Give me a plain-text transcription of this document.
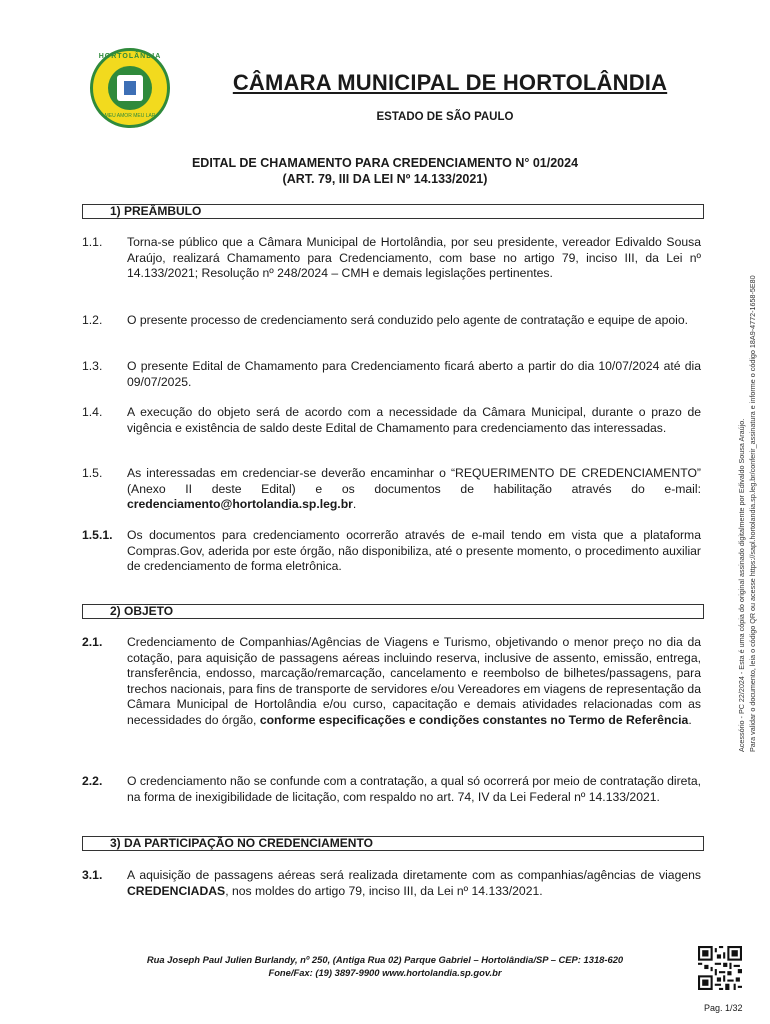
HORTOLÂNDIA
MEU AMOR MEU LAR
CÂMARA MUNICIPAL DE HORTOLÂNDIA
ESTADO DE SÃO PAULO
EDITAL DE CHAMAMENTO PARA CREDENCIAMENTO N° 01/2024
(ART. 79, III DA LEI Nº 14.133/2021)
1) PREÂMBULO
1.1.	Torna-se público que a Câmara Municipal de Hortolândia, por seu presidente, vereador Edivaldo Sousa Araújo, realizará Chamamento para Credenciamento, com base no artigo 79, inciso III, da Lei nº 14.133/2021; Resolução nº 248/2024 – CMH e demais legislações pertinentes.
1.2.	O presente processo de credenciamento será conduzido pelo agente de contratação e equipe de apoio.
1.3.	O presente Edital de Chamamento para Credenciamento ficará aberto a partir do dia 10/07/2024 até dia 09/07/2025.
1.4.	A execução do objeto será de acordo com a necessidade da Câmara Municipal, durante o prazo de vigência e existência de saldo deste Edital de Chamamento para credenciamento das interessadas.
1.5.	As interessadas em credenciar-se deverão encaminhar o “REQUERIMENTO DE CREDENCIAMENTO” (Anexo II deste Edital) e os documentos de habilitação através do e-mail: credenciamento@hortolandia.sp.leg.br.
1.5.1.	Os documentos para credenciamento ocorrerão através de e-mail tendo em vista que a plataforma Compras.Gov, aderida por este órgão, não disponibiliza, até o presente momento, o procedimento auxiliar de credenciamento de forma eletrônica.
2) OBJETO
2.1.	Credenciamento de Companhias/Agências de Viagens e Turismo, objetivando o menor preço no dia da cotação, para aquisição de passagens aéreas incluindo reserva, inclusive de assento, emissão, entrega, transferência, endosso, marcação/remarcação, cancelamento e reembolso de bilhetes/passagens, para trechos nacionais, para fins de transporte de servidores e/ou Vereadores em viagens de representação da Câmara Municipal de Hortolândia e/ou curso, capacitação e demais atividades relacionadas com as necessidades do órgão, conforme especificações e condições constantes no Termo de Referência.
2.2.	O credenciamento não se confunde com a contratação, a qual só ocorrerá por meio de contratação direta, na forma de inexigibilidade de licitação, com respaldo no art. 74, IV da Lei Federal nº 14.133/2021.
3) DA PARTICIPAÇÃO NO CREDENCIAMENTO
3.1.	A aquisição de passagens aéreas será realizada diretamente com as companhias/agências de viagens CREDENCIADAS, nos moldes do artigo 79, inciso III, da Lei nº 14.133/2021.
Rua Joseph Paul Julien Burlandy, nº 250, (Antiga Rua 02) Parque Gabriel – Hortolândia/SP – CEP: 1318-620
Fone/Fax: (19) 3897-9900 www.hortolandia.sp.gov.br
Pag. 1/32
Acessório - PC 22/2024 - Esta é uma cópia do original assinado digitalmente por Edivaldo Sousa Araújo. Para validar o documento, leia o código QR ou acesse https://sapl.hortolandia.sp.leg.br/conferir_assinatura e informe o código 18A9-4772-1658-5E80
